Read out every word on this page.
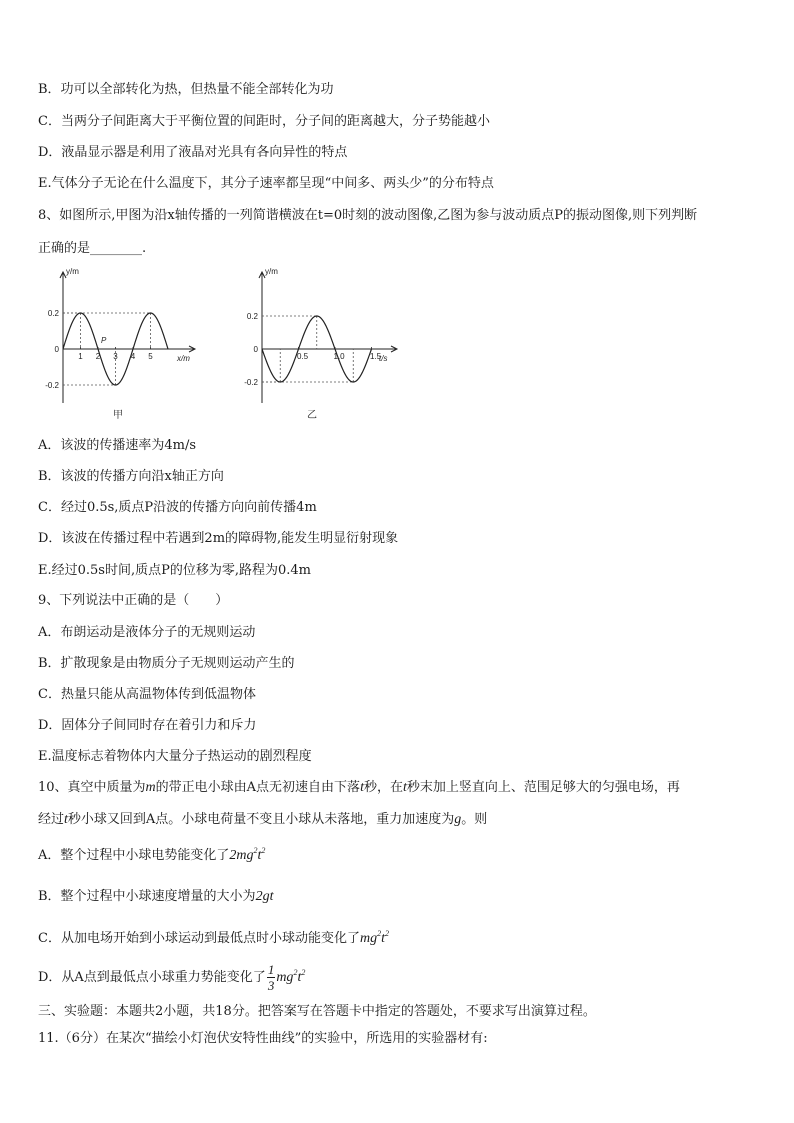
B．功可以全部转化为热，但热量不能全部转化为功
C．当两分子间距离大于平衡位置的间距时，分子间的距离越大，分子势能越小
D．液晶显示器是利用了液晶对光具有各向异性的特点
E.气体分子无论在什么温度下，其分子速率都呈现“中间多、两头少”的分布特点
8、如图所示,甲图为沿x轴传播的一列简谐横波在t=0时刻的波动图像,乙图为参与波动质点P的振动图像,则下列判断
正确的是________.
y/m
x/m
0.2
0
-0.2
1 2 3 4 5
P
甲
y/m
t/s
0.2
0
-0.2
0.5	1.0	1.5
乙
A．该波的传播速率为4m/s
B．该波的传播方向沿x轴正方向
C．经过0.5s,质点P沿波的传播方向向前传播4m
D．该波在传播过程中若遇到2m的障碍物,能发生明显衍射现象
E.经过0.5s时间,质点P的位移为零,路程为0.4m
9、下列说法中正确的是（　　）
A．布朗运动是液体分子的无规则运动
B．扩散现象是由物质分子无规则运动产生的
C．热量只能从高温物体传到低温物体
D．固体分子间同时存在着引力和斥力
E.温度标志着物体内大量分子热运动的剧烈程度
10、真空中质量为m的带正电小球由A点无初速自由下落t秒，在t秒末加上竖直向上、范围足够大的匀强电场，再
经过t秒小球又回到A点。小球电荷量不变且小球从未落地，重力加速度为g。则
A．整个过程中小球电势能变化了$2mg^2t^2$
B．整个过程中小球速度增量的大小为2gt
C．从加电场开始到小球运动到最低点时小球动能变化了$mg^2t^2$
D．从A点到最低点小球重力势能变化了 $\frac{1}{3} mg^2t^2$
三、实验题：本题共2小题，共18分。把答案写在答题卡中指定的答题处，不要求写出演算过程。
11.（6分）在某次“描绘小灯泡伏安特性曲线”的实验中，所选用的实验器材有:
